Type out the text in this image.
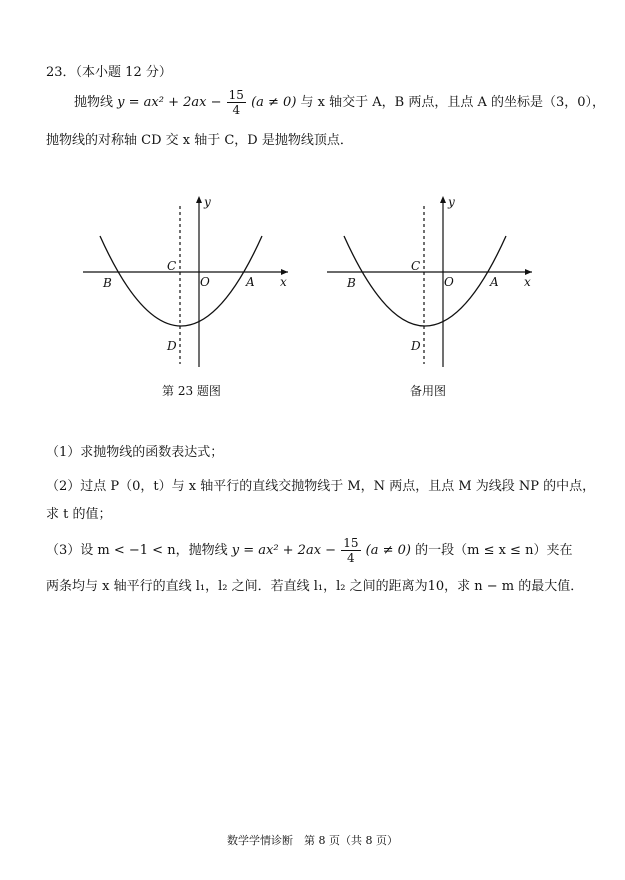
23．（本小题 12 分）
抛物线 $y = ax^2 + 2ax - \frac{15}{4} (a \ne 0)$ 与 x 轴交于 A，B 两点，且点 A 的坐标是（3，0），
抛物线的对称轴 CD 交 x 轴于 C，D 是抛物线顶点．
y
x
C
O
B	A
D
第 23 题图
y
x
C
O
B	A
D
备用图
（1）求抛物线的函数表达式；
（2）过点 P（0，t）与 x 轴平行的直线交抛物线于 M，N 两点，且点 M 为线段 NP 的中点，
求 t 的值；
（3）设 m < −1 < n，抛物线 $y = ax^2 + 2ax - \frac{15}{4} (a \ne 0)$ 的一段（m ≤ x ≤ n）夹在
两条均与 x 轴平行的直线 l₁，l₂ 之间．若直线 l₁，l₂ 之间的距离为10，求 n − m 的最大值．
数学学情诊断　第 8 页（共 8 页）
